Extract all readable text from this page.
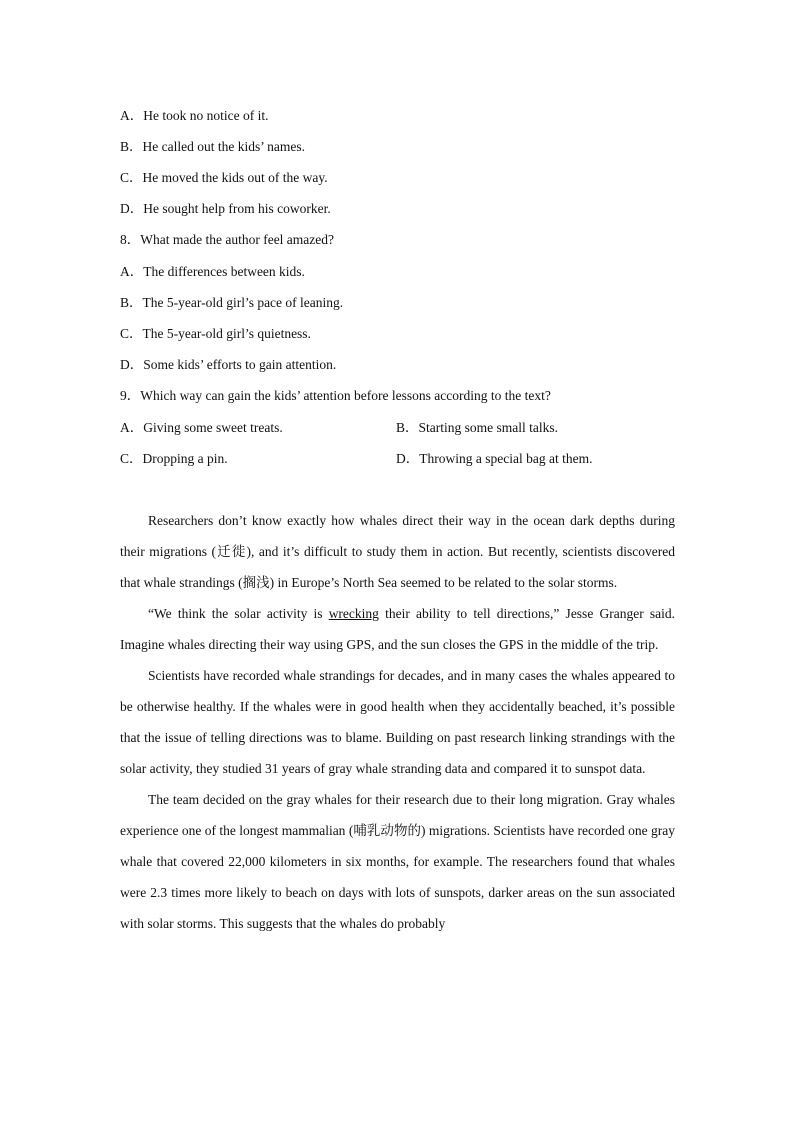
A．He took no notice of it.
B．He called out the kids’ names.
C．He moved the kids out of the way.
D．He sought help from his coworker.
8．What made the author feel amazed?
A．The differences between kids.
B．The 5-year-old girl’s pace of leaning.
C．The 5-year-old girl’s quietness.
D．Some kids’ efforts to gain attention.
9．Which way can gain the kids’ attention before lessons according to the text?
A．Giving some sweet treats.	B．Starting some small talks.
C．Dropping a pin.	D．Throwing a special bag at them.

Researchers don’t know exactly how whales direct their way in the ocean dark depths during their migrations (迁徙), and it’s difficult to study them in action. But recently, scientists discovered that whale strandings (搁浅) in Europe’s North Sea seemed to be related to the solar storms.

“We think the solar activity is wrecking their ability to tell directions,” Jesse Granger said. Imagine whales directing their way using GPS, and the sun closes the GPS in the middle of the trip.

Scientists have recorded whale strandings for decades, and in many cases the whales appeared to be otherwise healthy. If the whales were in good health when they accidentally beached, it’s possible that the issue of telling directions was to blame. Building on past research linking strandings with the solar activity, they studied 31 years of gray whale stranding data and compared it to sunspot data.

The team decided on the gray whales for their research due to their long migration. Gray whales experience one of the longest mammalian (哺乳动物的) migrations. Scientists have recorded one gray whale that covered 22,000 kilometers in six months, for example. The researchers found that whales were 2.3 times more likely to beach on days with lots of sunspots, darker areas on the sun associated with solar storms. This suggests that the whales do probably
